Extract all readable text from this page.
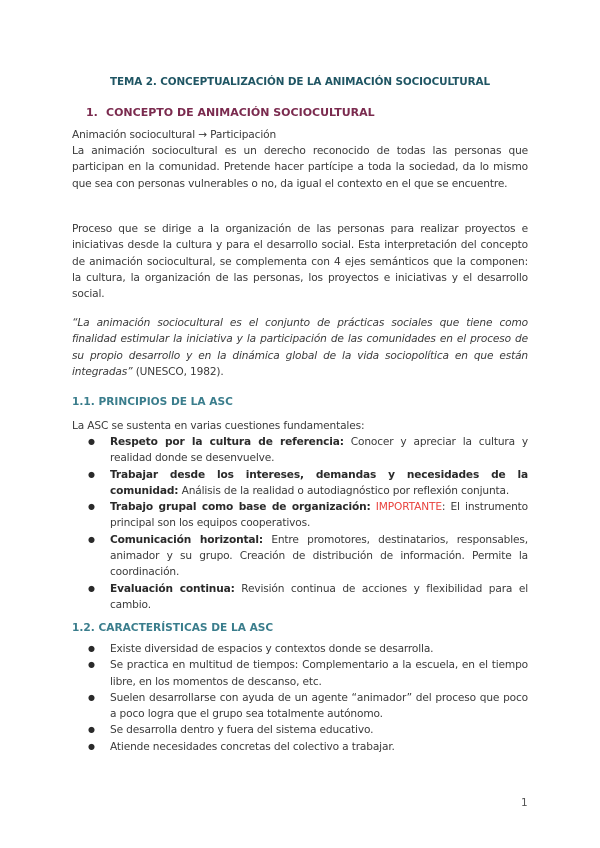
TEMA 2. CONCEPTUALIZACIÓN DE LA ANIMACIÓN SOCIOCULTURAL
1. CONCEPTO DE ANIMACIÓN SOCIOCULTURAL
Animación sociocultural → Participación
La animación sociocultural es un derecho reconocido de todas las personas que participan en la comunidad. Pretende hacer partícipe a toda la sociedad, da lo mismo que sea con personas vulnerables o no, da igual el contexto en el que se encuentre.
Proceso que se dirige a la organización de las personas para realizar proyectos e iniciativas desde la cultura y para el desarrollo social. Esta interpretación del concepto de animación sociocultural, se complementa con 4 ejes semánticos que la componen: la cultura, la organización de las personas, los proyectos e iniciativas y el desarrollo social.
“La animación sociocultural es el conjunto de prácticas sociales que tiene como finalidad estimular la iniciativa y la participación de las comunidades en el proceso de su propio desarrollo y en la dinámica global de la vida sociopolítica en que están integradas” (UNESCO, 1982).
1.1. PRINCIPIOS DE LA ASC
La ASC se sustenta en varias cuestiones fundamentales:
● Respeto por la cultura de referencia: Conocer y apreciar la cultura y realidad donde se desenvuelve.
● Trabajar desde los intereses, demandas y necesidades de la comunidad: Análisis de la realidad o autodiagnóstico por reflexión conjunta.
● Trabajo grupal como base de organización: IMPORTANTE: El instrumento principal son los equipos cooperativos.
● Comunicación horizontal: Entre promotores, destinatarios, responsables, animador y su grupo. Creación de distribución de información. Permite la coordinación.
● Evaluación continua: Revisión continua de acciones y flexibilidad para el cambio.
1.2. CARACTERÍSTICAS DE LA ASC
● Existe diversidad de espacios y contextos donde se desarrolla.
● Se practica en multitud de tiempos: Complementario a la escuela, en el tiempo libre, en los momentos de descanso, etc.
● Suelen desarrollarse con ayuda de un agente “animador” del proceso que poco a poco logra que el grupo sea totalmente autónomo.
● Se desarrolla dentro y fuera del sistema educativo.
● Atiende necesidades concretas del colectivo a trabajar.
1
